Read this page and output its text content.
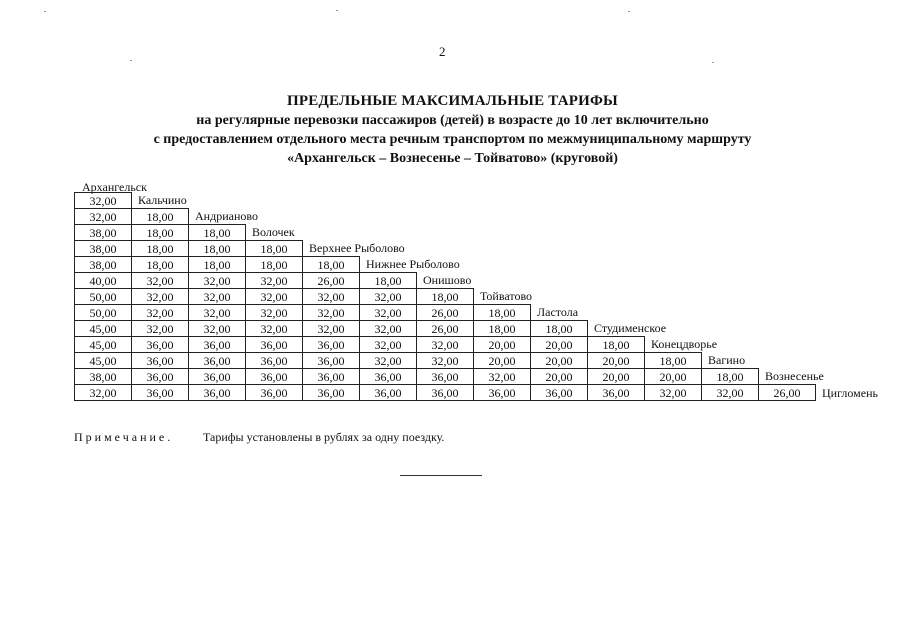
2
ПРЕДЕЛЬНЫЕ МАКСИМАЛЬНЫЕ ТАРИФЫ
на регулярные перевозки пассажиров (детей) в возрасте до 10 лет включительно
с предоставлением отдельного места речным транспортом по межмуниципальному маршруту
«Архангельск – Вознесенье – Тойватово» (круговой)
Архангельск

32,00	Кальчино												
32,00	18,00	Андрианово											
38,00	18,00	18,00	Волочек										
38,00	18,00	18,00	18,00	Верхнее Рыболово									
38,00	18,00	18,00	18,00	18,00	Нижнее Рыболово								
40,00	32,00	32,00	32,00	26,00	18,00	Онишово							
50,00	32,00	32,00	32,00	32,00	32,00	18,00	Тойватово						
50,00	32,00	32,00	32,00	32,00	32,00	26,00	18,00	Ластола					
45,00	32,00	32,00	32,00	32,00	32,00	26,00	18,00	18,00	Студименское				
45,00	36,00	36,00	36,00	36,00	32,00	32,00	20,00	20,00	18,00	Конецдворье			
45,00	36,00	36,00	36,00	36,00	32,00	32,00	20,00	20,00	20,00	18,00	Вагино		
38,00	36,00	36,00	36,00	36,00	36,00	36,00	32,00	20,00	20,00	20,00	18,00	Вознесенье	
32,00	36,00	36,00	36,00	36,00	36,00	36,00	36,00	36,00	36,00	32,00	32,00	26,00	Цигломень
Примечание. Тарифы установлены в рублях за одну поездку.
